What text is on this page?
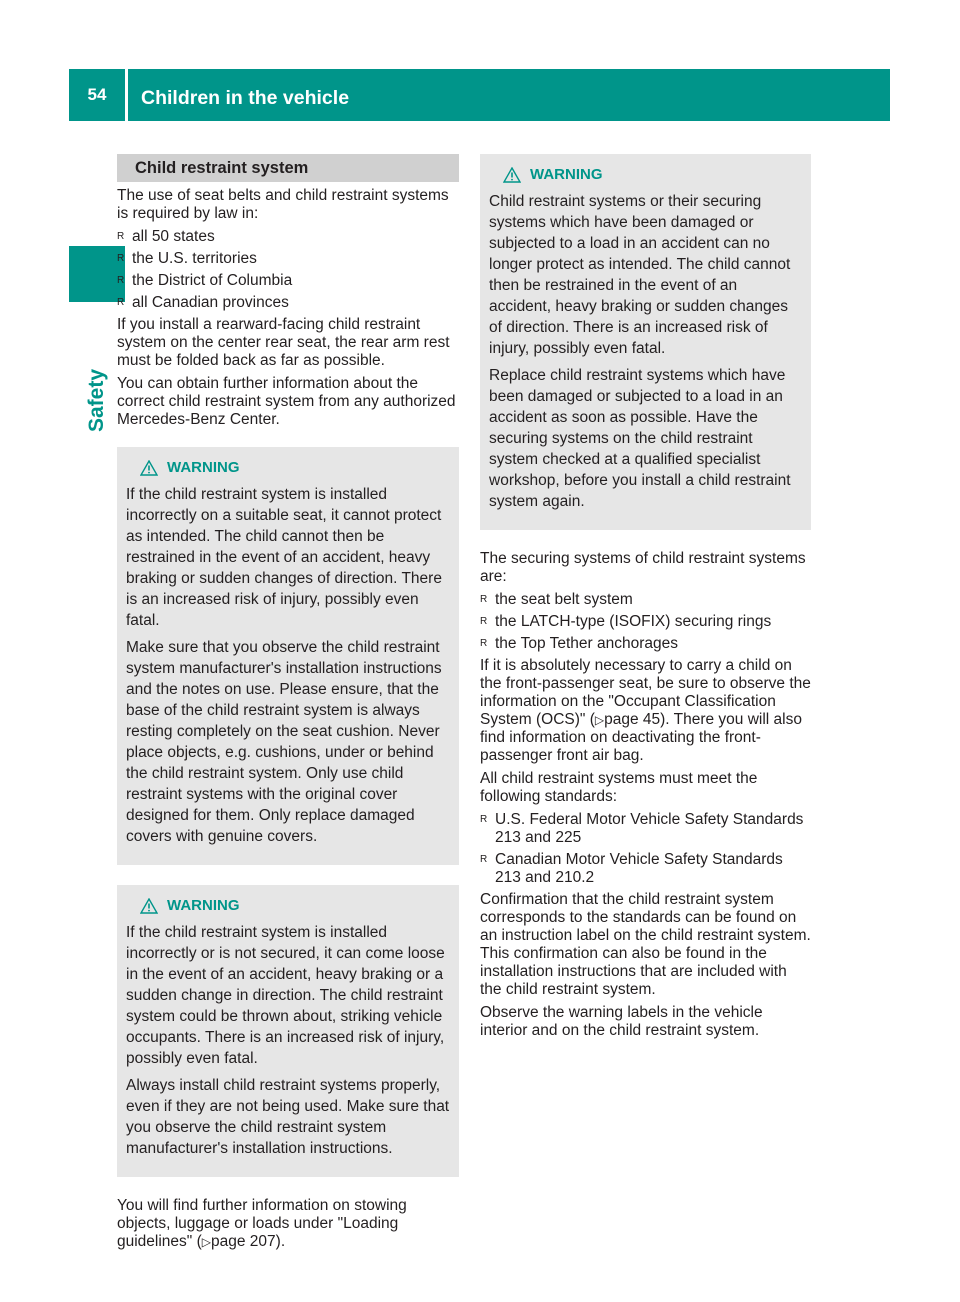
54	Children in the vehicle
Safety
Child restraint system

The use of seat belts and child restraint systems is required by law in:

R all 50 states
R the U.S. territories
R the District of Columbia
R all Canadian provinces

If you install a rearward-facing child restraint system on the center rear seat, the rear arm rest must be folded back as far as possible.

You can obtain further information about the correct child restraint system from any authorized Mercedes-Benz Center.

WARNING

If the child restraint system is installed incorrectly on a suitable seat, it cannot protect as intended. The child cannot then be restrained in the event of an accident, heavy braking or sudden changes of direction. There is an increased risk of injury, possibly even fatal.

Make sure that you observe the child restraint system manufacturer's installation instructions and the notes on use. Please ensure, that the base of the child restraint system is always resting completely on the seat cushion. Never place objects, e.g. cushions, under or behind the child restraint system. Only use child restraint systems with the original cover designed for them. Only replace damaged covers with genuine covers.

WARNING

If the child restraint system is installed incorrectly or is not secured, it can come loose in the event of an accident, heavy braking or a sudden change in direction. The child restraint system could be thrown about, striking vehicle occupants. There is an increased risk of injury, possibly even fatal.

Always install child restraint systems properly, even if they are not being used. Make sure that you observe the child restraint system manufacturer's installation instructions.

You will find further information on stowing objects, luggage or loads under "Loading guidelines" (▷page 207).

WARNING

Child restraint systems or their securing systems which have been damaged or subjected to a load in an accident can no longer protect as intended. The child cannot then be restrained in the event of an accident, heavy braking or sudden changes of direction. There is an increased risk of injury, possibly even fatal.

Replace child restraint systems which have been damaged or subjected to a load in an accident as soon as possible. Have the securing systems on the child restraint system checked at a qualified specialist workshop, before you install a child restraint system again.

The securing systems of child restraint systems are:

R the seat belt system
R the LATCH-type (ISOFIX) securing rings
R the Top Tether anchorages

If it is absolutely necessary to carry a child on the front-passenger seat, be sure to observe the information on the "Occupant Classification System (OCS)" (▷page 45). There you will also find information on deactivating the front-passenger front air bag.

All child restraint systems must meet the following standards:

R U.S. Federal Motor Vehicle Safety Standards 213 and 225
R Canadian Motor Vehicle Safety Standards 213 and 210.2

Confirmation that the child restraint system corresponds to the standards can be found on an instruction label on the child restraint system. This confirmation can also be found in the installation instructions that are included with the child restraint system.

Observe the warning labels in the vehicle interior and on the child restraint system.
